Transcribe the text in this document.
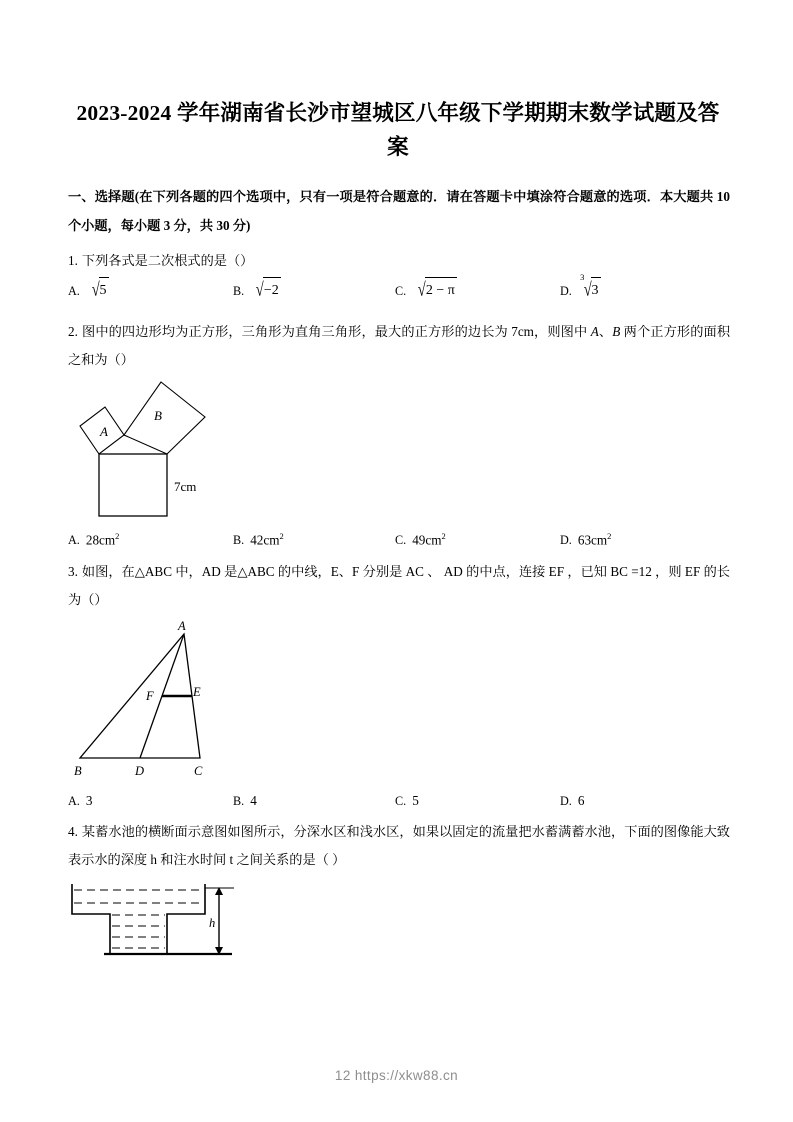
2023-2024 学年湖南省长沙市望城区八年级下学期期末数学试题及答案
一、选择题(在下列各题的四个选项中，只有一项是符合题意的．请在答题卡中填涂符合题意的选项．本大题共 10 个小题，每小题 3 分，共 30 分)
1. 下列各式是二次根式的是（）
A. √5	B. √−2	C. √2 − π	D.
3
√3
2. 图中的四边形均为正方形，三角形为直角三角形，最大的正方形的边长为 7cm，则图中 A、B 两个正方形的面积之和为（）
A
B
7cm
A. $28cm^2$	B. $42cm^2$	C. $49cm^2$	D. $63cm^2$
3. 如图，在△ABC 中，AD 是△ABC 的中线，E、F 分别是 AC 、 AD 的中点，连接 EF ，已知 BC =12 ，则 EF 的长为（）
A
B	D	C
F	E
A. 3	B. 4	C. 5	D. 6
4. 某蓄水池的横断面示意图如图所示，分深水区和浅水区，如果以固定的流量把水蓄满蓄水池，下面的图像能大致表示水的深度 h 和注水时间 t 之间关系的是（ ）
h
12 https://xkw88.cn
